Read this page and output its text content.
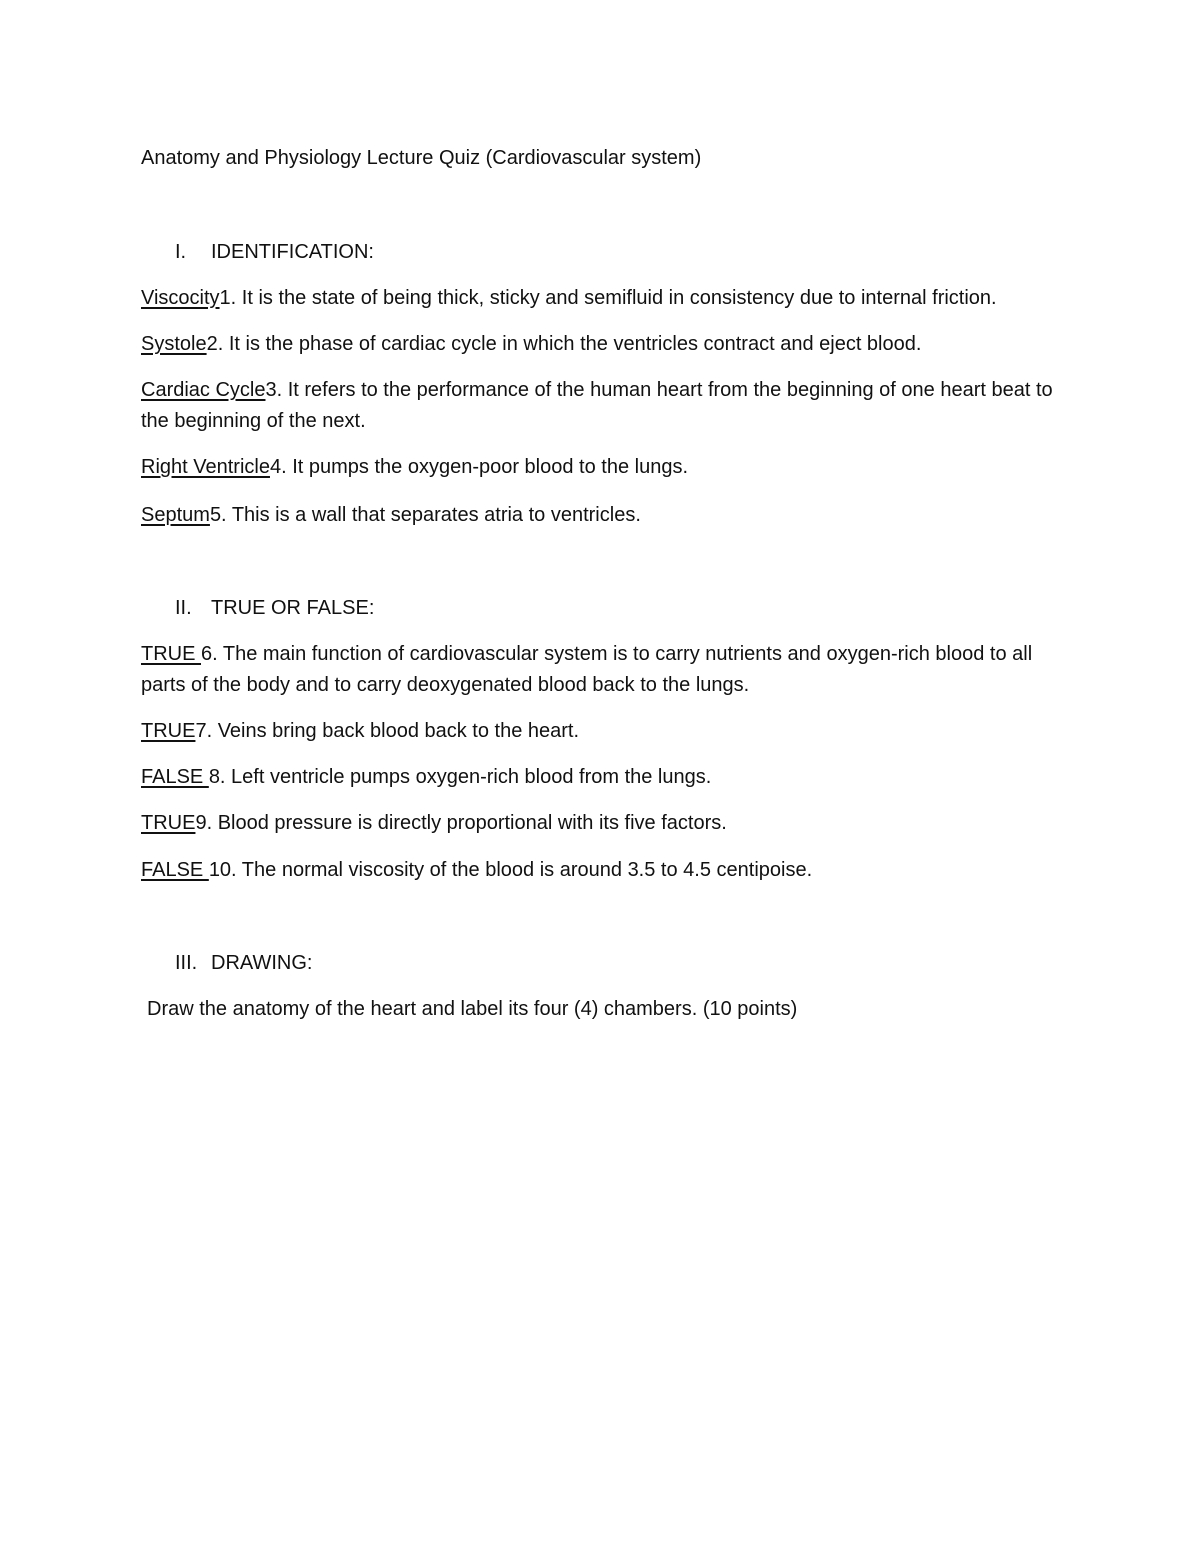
Anatomy and Physiology Lecture Quiz (Cardiovascular system)

I.	IDENTIFICATION:

Viscocity1. It is the state of being thick, sticky and semifluid in consistency due to internal friction.

Systole2. It is the phase of cardiac cycle in which the ventricles contract and eject blood.

Cardiac Cycle3. It refers to the performance of the human heart from the beginning of one heart beat to the beginning of the next.

Right Ventricle4. It pumps the oxygen-poor blood to the lungs.

Septum5. This is a wall that separates atria to ventricles.

II. TRUE OR FALSE:

TRUE 6. The main function of cardiovascular system is to carry nutrients and oxygen-rich blood to all parts of the body and to carry deoxygenated blood back to the lungs.

TRUE7. Veins bring back blood back to the heart.

FALSE 8. Left ventricle pumps oxygen-rich blood from the lungs.

TRUE9. Blood pressure is directly proportional with its five factors.

FALSE 10. The normal viscosity of the blood is around 3.5 to 4.5 centipoise.

III. DRAWING:

Draw the anatomy of the heart and label its four (4) chambers. (10 points)
